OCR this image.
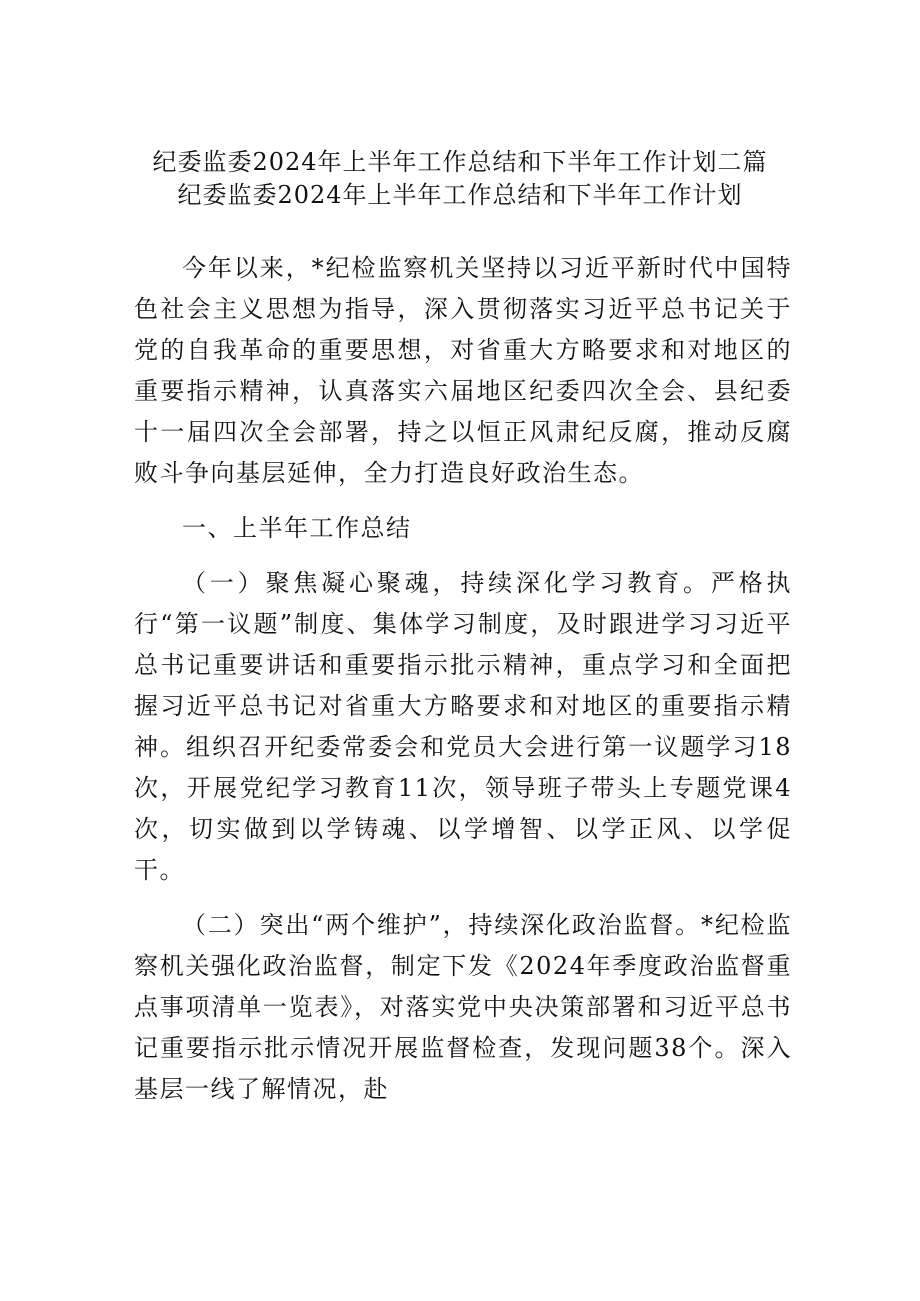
纪委监委2024年上半年工作总结和下半年工作计划二篇
纪委监委2024年上半年工作总结和下半年工作计划

今年以来，*纪检监察机关坚持以习近平新时代中国特色社会主义思想为指导，深入贯彻落实习近平总书记关于党的自我革命的重要思想，对省重大方略要求和对地区的重要指示精神，认真落实六届地区纪委四次全会、县纪委十一届四次全会部署，持之以恒正风肃纪反腐，推动反腐败斗争向基层延伸，全力打造良好政治生态。

一、上半年工作总结

（一）聚焦凝心聚魂，持续深化学习教育。严格执行“第一议题”制度、集体学习制度，及时跟进学习习近平总书记重要讲话和重要指示批示精神，重点学习和全面把握习近平总书记对省重大方略要求和对地区的重要指示精神。组织召开纪委常委会和党员大会进行第一议题学习18次，开展党纪学习教育11次，领导班子带头上专题党课4次，切实做到以学铸魂、以学增智、以学正风、以学促干。

（二）突出“两个维护”，持续深化政治监督。*纪检监察机关强化政治监督，制定下发《2024年季度政治监督重点事项清单一览表》，对落实党中央决策部署和习近平总书记重要指示批示情况开展监督检查，发现问题38个。深入基层一线了解情况，赴
